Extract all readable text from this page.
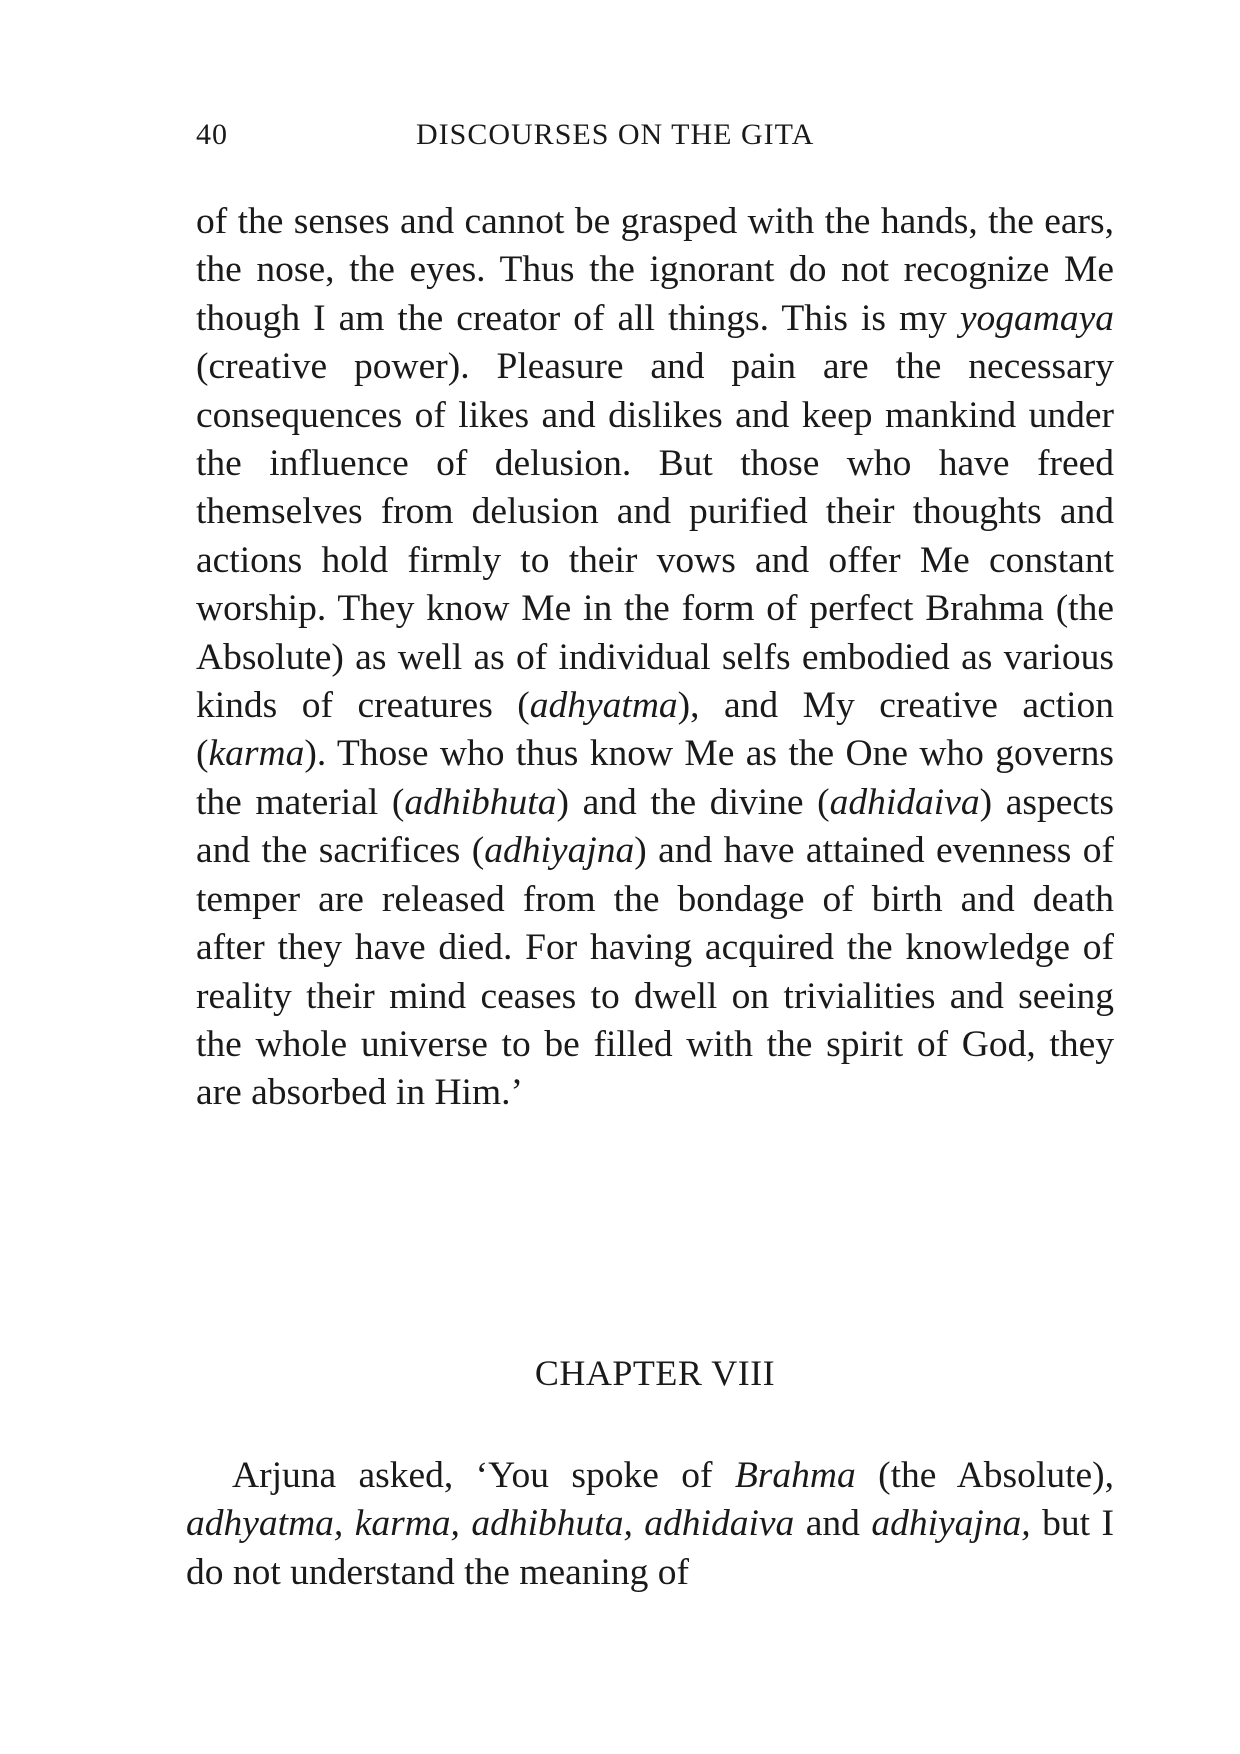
40	DISCOURSES ON THE GITA

of the senses and cannot be grasped with the hands, the ears, the nose, the eyes. Thus the ignorant do not recognize Me though I am the creator of all things. This is my yogamaya (creative power). Pleasure and pain are the necessary consequences of likes and dislikes and keep mankind under the influence of delusion. But those who have freed themselves from delusion and purified their thoughts and actions hold firmly to their vows and offer Me constant worship. They know Me in the form of perfect Brahma (the Absolute) as well as of individual selfs embodied as various kinds of creatures (adhyatma), and My creative action (karma). Those who thus know Me as the One who governs the material (adhibhuta) and the divine (adhidaiva) aspects and the sacrifices (adhiyajna) and have attained evenness of temper are released from the bondage of birth and death after they have died. For having acquired the knowledge of reality their mind ceases to dwell on trivialities and seeing the whole universe to be filled with the spirit of God, they are absorbed in Him.’

CHAPTER VIII

Arjuna asked, ‘You spoke of Brahma (the Absolute), adhyatma, karma, adhibhuta, adhidaiva and adhiyajna, but I do not understand the meaning of
